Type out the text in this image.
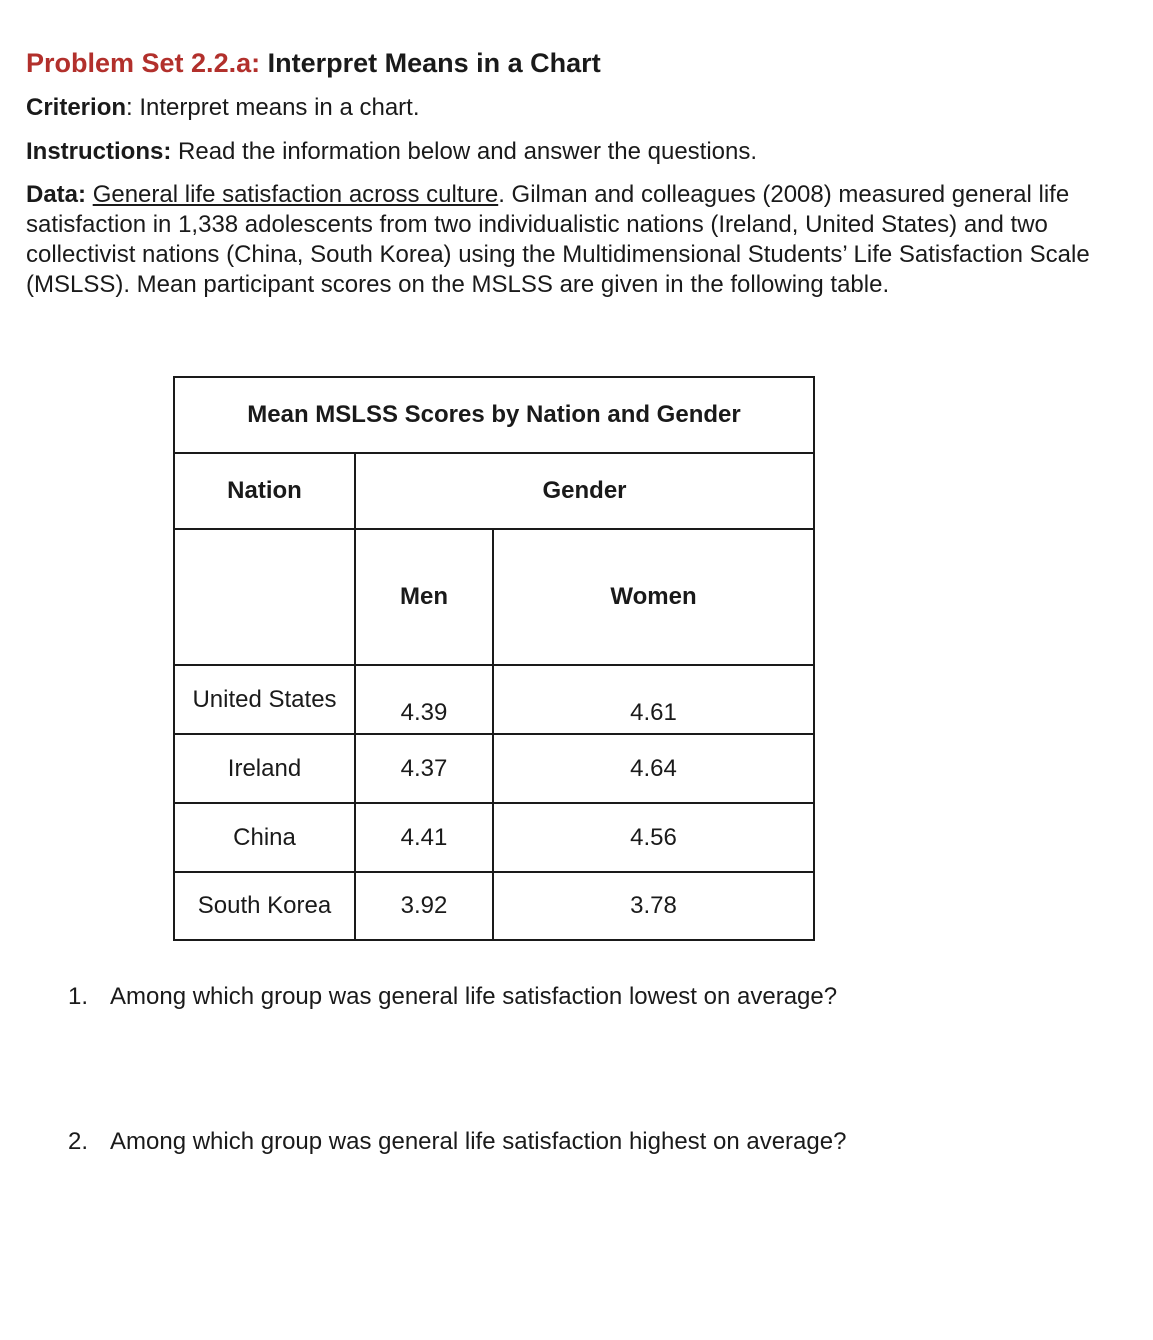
Problem Set 2.2.a: Interpret Means in a Chart
Criterion: Interpret means in a chart.
Instructions: Read the information below and answer the questions.
Data: General life satisfaction across culture. Gilman and colleagues (2008) measured general life satisfaction in 1,338 adolescents from two individualistic nations (Ireland, United States) and two collectivist nations (China, South Korea) using the Multidimensional Students’ Life Satisfaction Scale (MSLSS). Mean participant scores on the MSLSS are given in the following table.
Mean MSLSS Scores by Nation and Gender		
Nation	Gender	
	Men	Women
United States	4.39	4.61
Ireland	4.37	4.64
China	4.41	4.56
South Korea	3.92	3.78
1. Among which group was general life satisfaction lowest on average?
2. Among which group was general life satisfaction highest on average?
